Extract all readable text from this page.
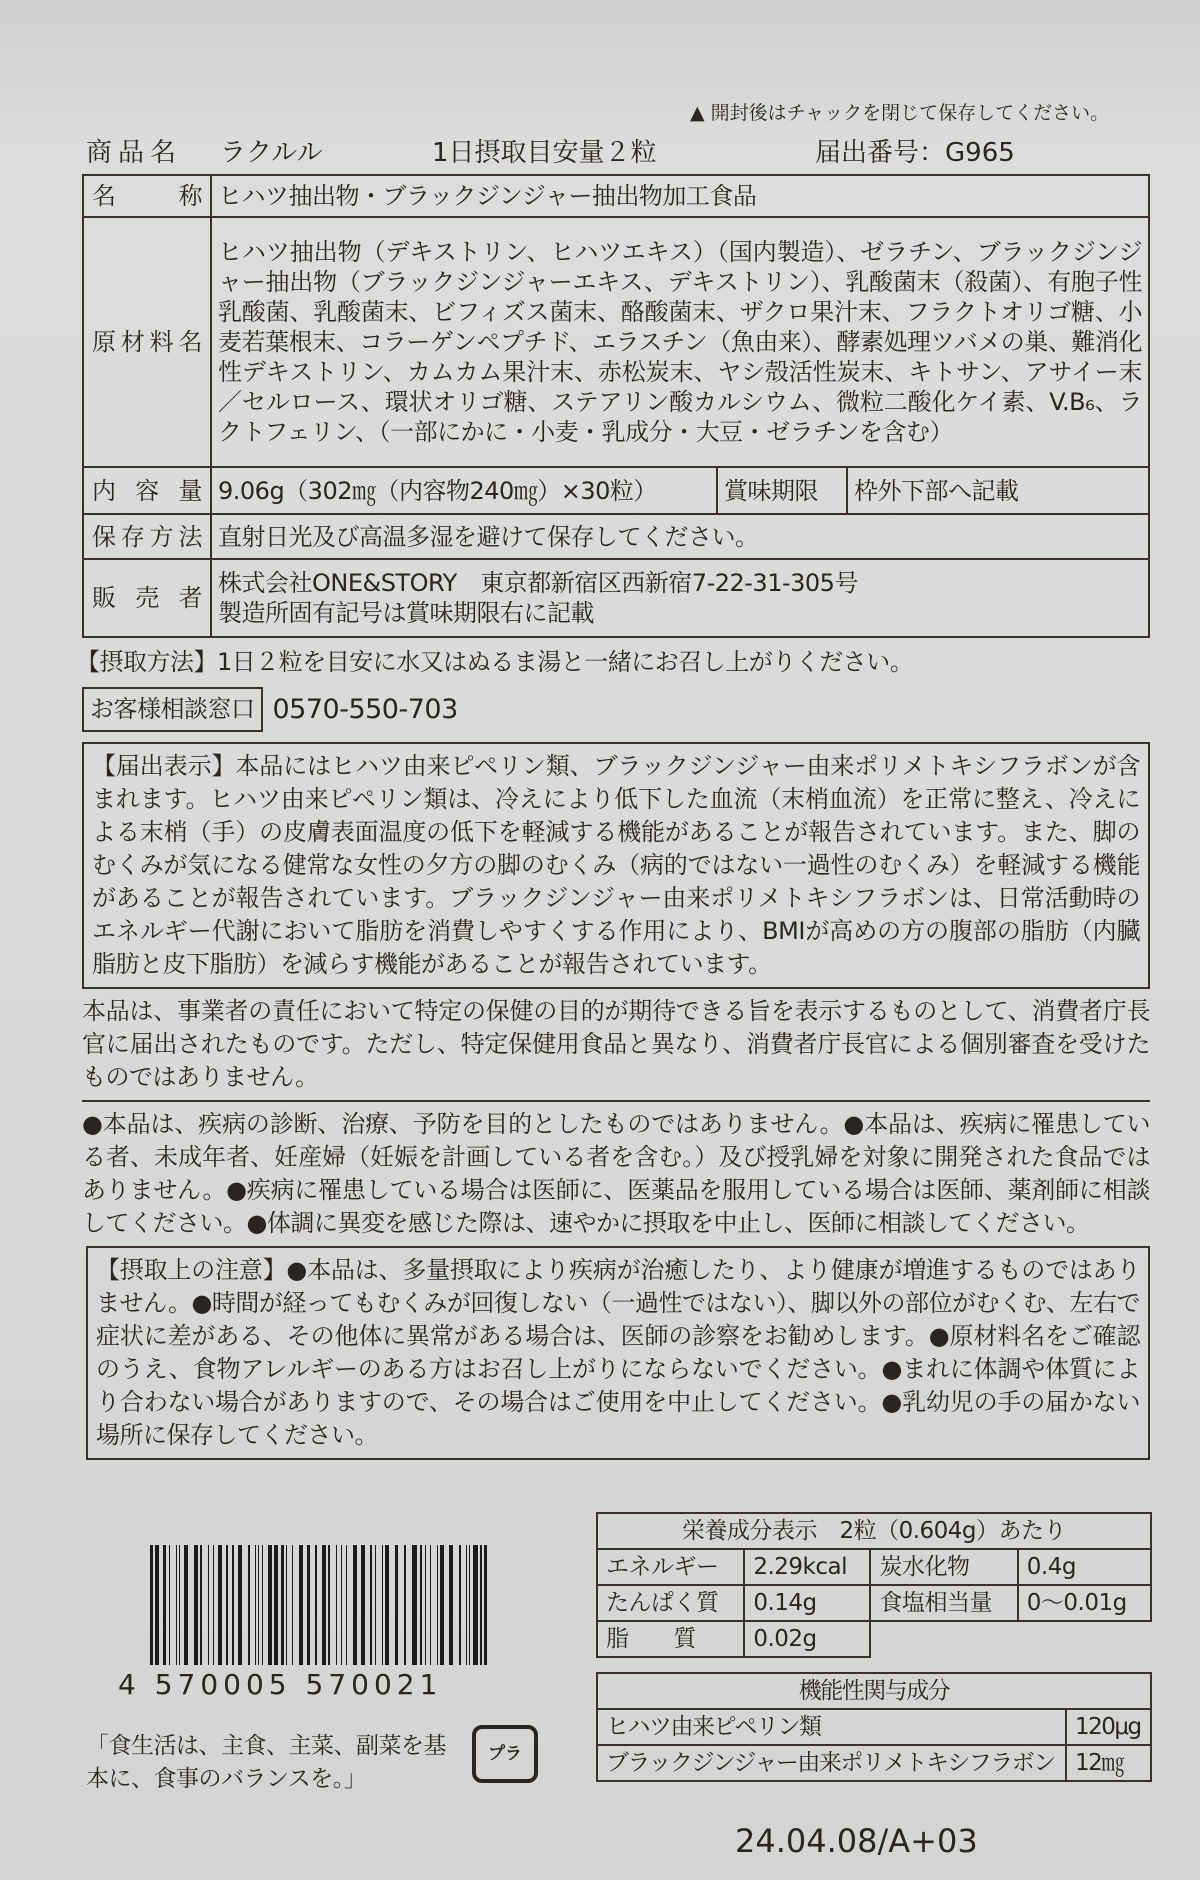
▲ 開封後はチャックを閉じて保存してください。
商品名 ラクルル	1日摂取目安量２粒	届出番号：G965
名　　称	ヒハツ抽出物・ブラックジンジャー抽出物加工食品		
原材料名	ヒハツ抽出物（デキストリン、ヒハツエキス）（国内製造）、ゼラチン、ブラックジンジャー抽出物（ブラックジンジャーエキス、デキストリン）、乳酸菌末（殺菌）、有胞子性乳酸菌、乳酸菌末、ビフィズス菌末、酪酸菌末、ザクロ果汁末、フラクトオリゴ糖、小麦若葉根末、コラーゲンペプチド、エラスチン（魚由来）、酵素処理ツバメの巣、難消化性デキストリン、カムカム果汁末、赤松炭末、ヤシ殻活性炭末、キトサン、アサイー末／セルロース、環状オリゴ糖、ステアリン酸カルシウム、微粒二酸化ケイ素、V.B₆、ラクトフェリン、（一部にかに・小麦・乳成分・大豆・ゼラチンを含む）		
内容量	9.06g（302㎎（内容物240㎎）×30粒）	賞味期限	枠外下部へ記載
保存方法	直射日光及び高温多湿を避けて保存してください。		
販売者	株式会社ONE&STORY　東京都新宿区西新宿7-22-31-305号
製造所固有記号は賞味期限右に記載		
【摂取方法】1日２粒を目安に水又はぬるま湯と一緒にお召し上がりください。
お客様相談窓口 0570-550-703
【届出表示】本品にはヒハツ由来ピペリン類、ブラックジンジャー由来ポリメトキシフラボンが含まれます。ヒハツ由来ピペリン類は、冷えにより低下した血流（末梢血流）を正常に整え、冷えによる末梢（手）の皮膚表面温度の低下を軽減する機能があることが報告されています。また、脚のむくみが気になる健常な女性の夕方の脚のむくみ（病的ではない一過性のむくみ）を軽減する機能があることが報告されています。ブラックジンジャー由来ポリメトキシフラボンは、日常活動時のエネルギー代謝において脂肪を消費しやすくする作用により、BMIが高めの方の腹部の脂肪（内臓脂肪と皮下脂肪）を減らす機能があることが報告されています。
本品は、事業者の責任において特定の保健の目的が期待できる旨を表示するものとして、消費者庁長官に届出されたものです。ただし、特定保健用食品と異なり、消費者庁長官による個別審査を受けたものではありません。
●本品は、疾病の診断、治療、予防を目的としたものではありません。●本品は、疾病に罹患している者、未成年者、妊産婦（妊娠を計画している者を含む。）及び授乳婦を対象に開発された食品ではありません。●疾病に罹患している場合は医師に、医薬品を服用している場合は医師、薬剤師に相談してください。●体調に異変を感じた際は、速やかに摂取を中止し、医師に相談してください。
【摂取上の注意】●本品は、多量摂取により疾病が治癒したり、より健康が増進するものではありません。●時間が経ってもむくみが回復しない（一過性ではない）、脚以外の部位がむくむ、左右で症状に差がある、その他体に異常がある場合は、医師の診察をお勧めします。●原材料名をご確認のうえ、食物アレルギーのある方はお召し上がりにならないでください。●まれに体調や体質により合わない場合がありますので、その場合はご使用を中止してください。●乳幼児の手の届かない場所に保存してください。
4 570005 570021
「食生活は、主食、主菜、副菜を基本に、食事のバランスを。」
プラ
栄養成分表示　2粒（0.604g）あたり			
エネルギー	2.29kcal	炭水化物	0.4g
たんぱく質	0.14g	食塩相当量	0～0.01g
脂　　質	0.02g		
機能性関与成分	
ヒハツ由来ピペリン類	120μg
ブラックジンジャー由来ポリメトキシフラボン	12㎎
24.04.08/A+03
